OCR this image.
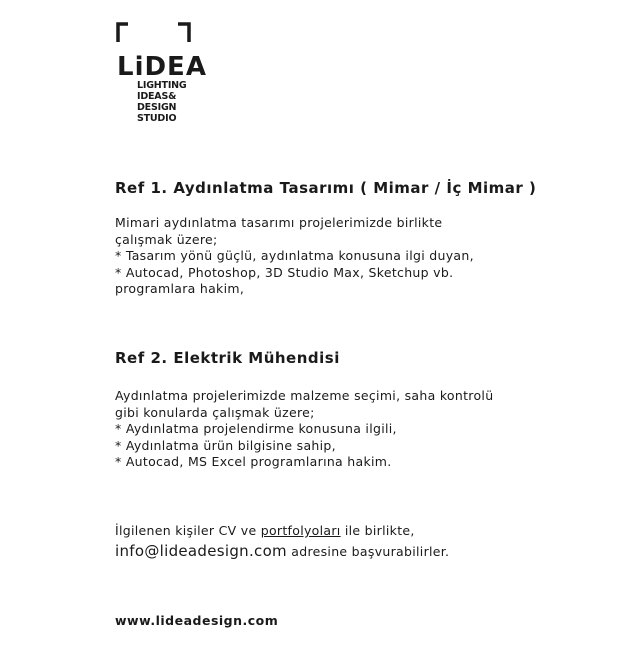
LiDEA
LIGHTING
IDEAS&
DESIGN
STUDIO
Ref 1. Aydınlatma Tasarımı ( Mimar / İç Mimar )
Mimari aydınlatma tasarımı projelerimizde birlikte
çalışmak üzere;
* Tasarım yönü güçlü, aydınlatma konusuna ilgi duyan,
* Autocad, Photoshop, 3D Studio Max, Sketchup vb.
programlara hakim,
Ref 2. Elektrik Mühendisi
Aydınlatma projelerimizde malzeme seçimi, saha kontrolü
gibi konularda çalışmak üzere;
* Aydınlatma projelendirme konusuna ilgili,
* Aydınlatma ürün bilgisine sahip,
* Autocad, MS Excel programlarına hakim.
İlgilenen kişiler CV ve portfolyoları ile birlikte,
info@lideadesign.com adresine başvurabilirler.
www.lideadesign.com
